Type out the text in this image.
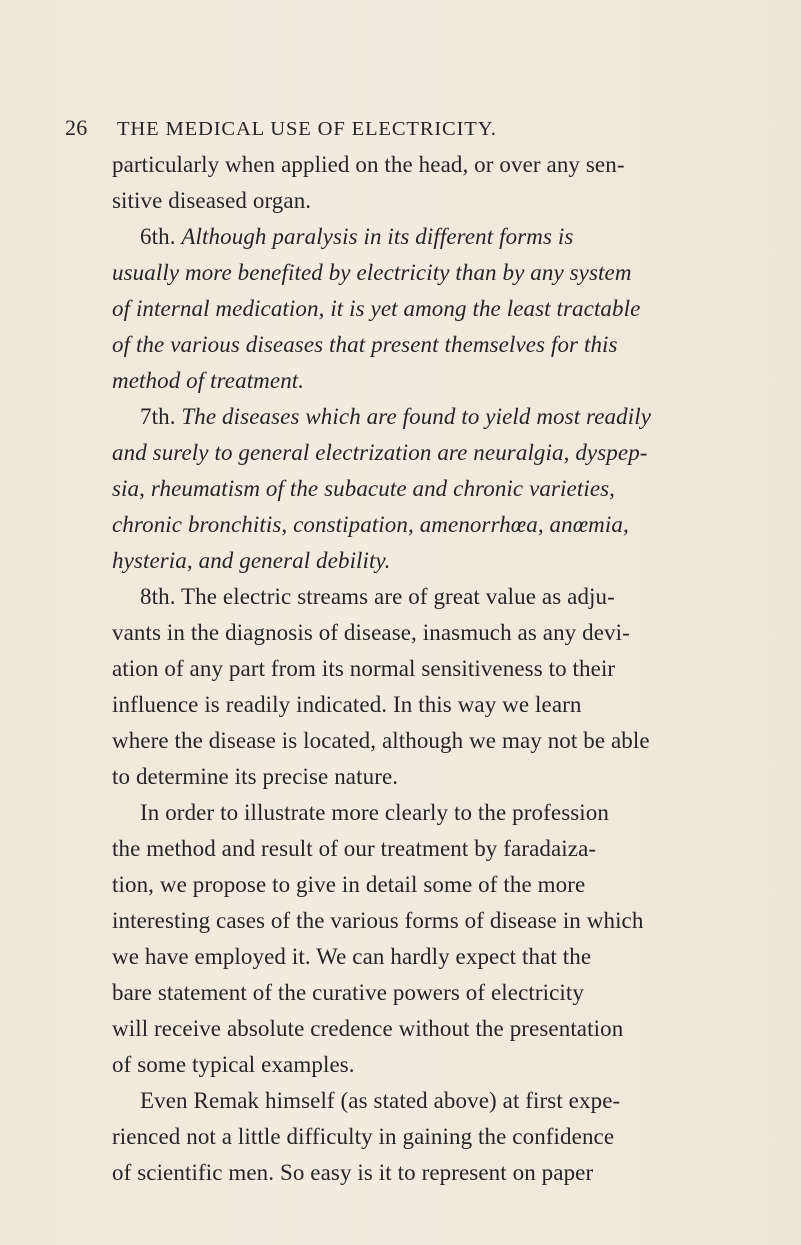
26 THE MEDICAL USE OF ELECTRICITY.
particularly when applied on the head, or over any sen-
sitive diseased organ.
6th. Although paralysis in its different forms is
usually more benefited by electricity than by any system
of internal medication, it is yet among the least tractable
of the various diseases that present themselves for this
method of treatment.
7th. The diseases which are found to yield most readily
and surely to general electrization are neuralgia, dyspep-
sia, rheumatism of the subacute and chronic varieties,
chronic bronchitis, constipation, amenorrhœa, anœmia,
hysteria, and general debility.
8th. The electric streams are of great value as adju-
vants in the diagnosis of disease, inasmuch as any devi-
ation of any part from its normal sensitiveness to their
influence is readily indicated. In this way we learn
where the disease is located, although we may not be able
to determine its precise nature.
In order to illustrate more clearly to the profession
the method and result of our treatment by faradaiza-
tion, we propose to give in detail some of the more
interesting cases of the various forms of disease in which
we have employed it. We can hardly expect that the
bare statement of the curative powers of electricity
will receive absolute credence without the presentation
of some typical examples.
Even Remak himself (as stated above) at first expe-
rienced not a little difficulty in gaining the confidence
of scientific men. So easy is it to represent on paper
